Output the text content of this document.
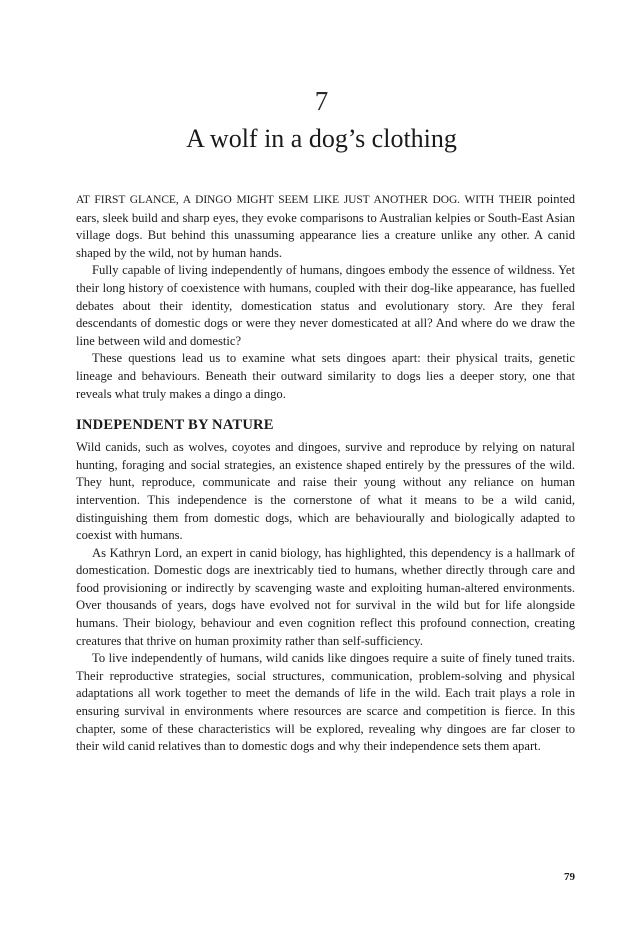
7
A wolf in a dog’s clothing

AT FIRST GLANCE, A DINGO MIGHT SEEM LIKE JUST ANOTHER DOG. WITH THEIR pointed ears, sleek build and sharp eyes, they evoke comparisons to Australian kelpies or South-East Asian village dogs. But behind this unassuming appearance lies a creature unlike any other. A canid shaped by the wild, not by human hands.

Fully capable of living independently of humans, dingoes embody the essence of wildness. Yet their long history of coexistence with humans, coupled with their dog-like appearance, has fuelled debates about their identity, domestication status and evolutionary story. Are they feral descendants of domestic dogs or were they never domesticated at all? And where do we draw the line between wild and domestic?

These questions lead us to examine what sets dingoes apart: their physical traits, genetic lineage and behaviours. Beneath their outward similarity to dogs lies a deeper story, one that reveals what truly makes a dingo a dingo.

INDEPENDENT BY NATURE

Wild canids, such as wolves, coyotes and dingoes, survive and reproduce by relying on natural hunting, foraging and social strategies, an existence shaped entirely by the pressures of the wild. They hunt, reproduce, communicate and raise their young without any reliance on human intervention. This independence is the cornerstone of what it means to be a wild canid, distinguishing them from domestic dogs, which are behaviourally and biologically adapted to coexist with humans.

As Kathryn Lord, an expert in canid biology, has highlighted, this dependency is a hallmark of domestication. Domestic dogs are inextricably tied to humans, whether directly through care and food provisioning or indirectly by scavenging waste and exploiting human-altered environments. Over thousands of years, dogs have evolved not for survival in the wild but for life alongside humans. Their biology, behaviour and even cognition reflect this profound connection, creating creatures that thrive on human proximity rather than self-sufficiency.

To live independently of humans, wild canids like dingoes require a suite of finely tuned traits. Their reproductive strategies, social structures, communication, problem-solving and physical adaptations all work together to meet the demands of life in the wild. Each trait plays a role in ensuring survival in environments where resources are scarce and competition is fierce. In this chapter, some of these characteristics will be explored, revealing why dingoes are far closer to their wild canid relatives than to domestic dogs and why their independence sets them apart.

79
